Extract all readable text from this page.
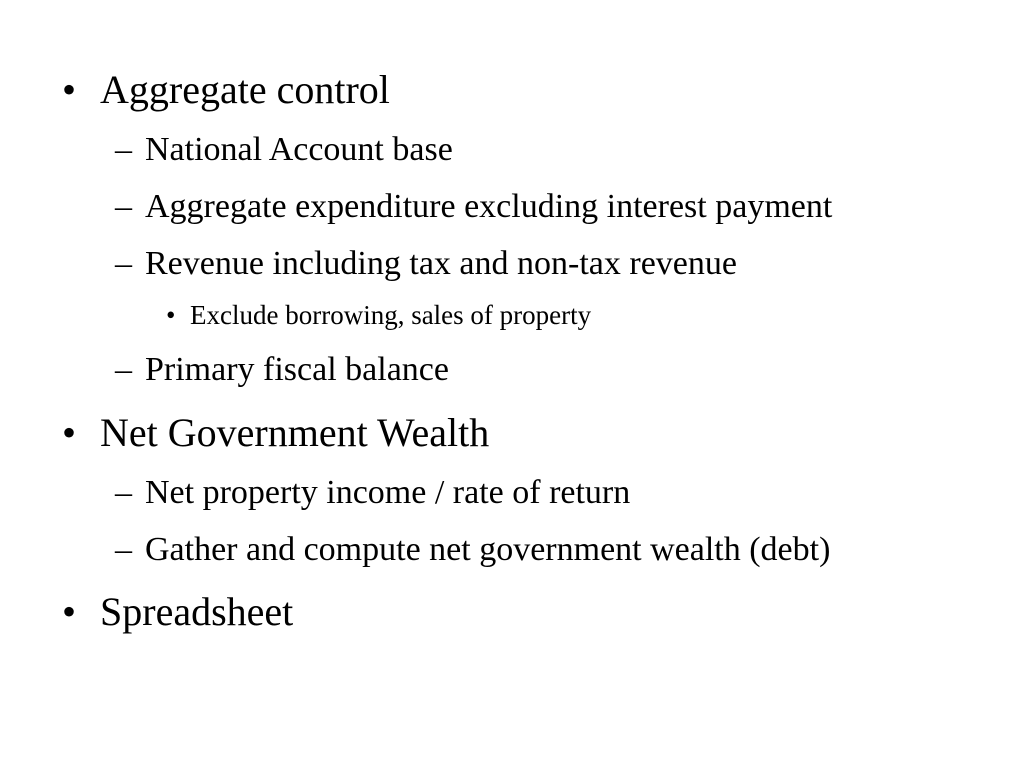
• Aggregate control
– National Account base
– Aggregate expenditure excluding interest payment
– Revenue including tax and non-tax revenue
• Exclude borrowing, sales of property
– Primary fiscal balance
• Net Government Wealth
– Net property income / rate of return
– Gather and compute net government wealth (debt)
• Spreadsheet
